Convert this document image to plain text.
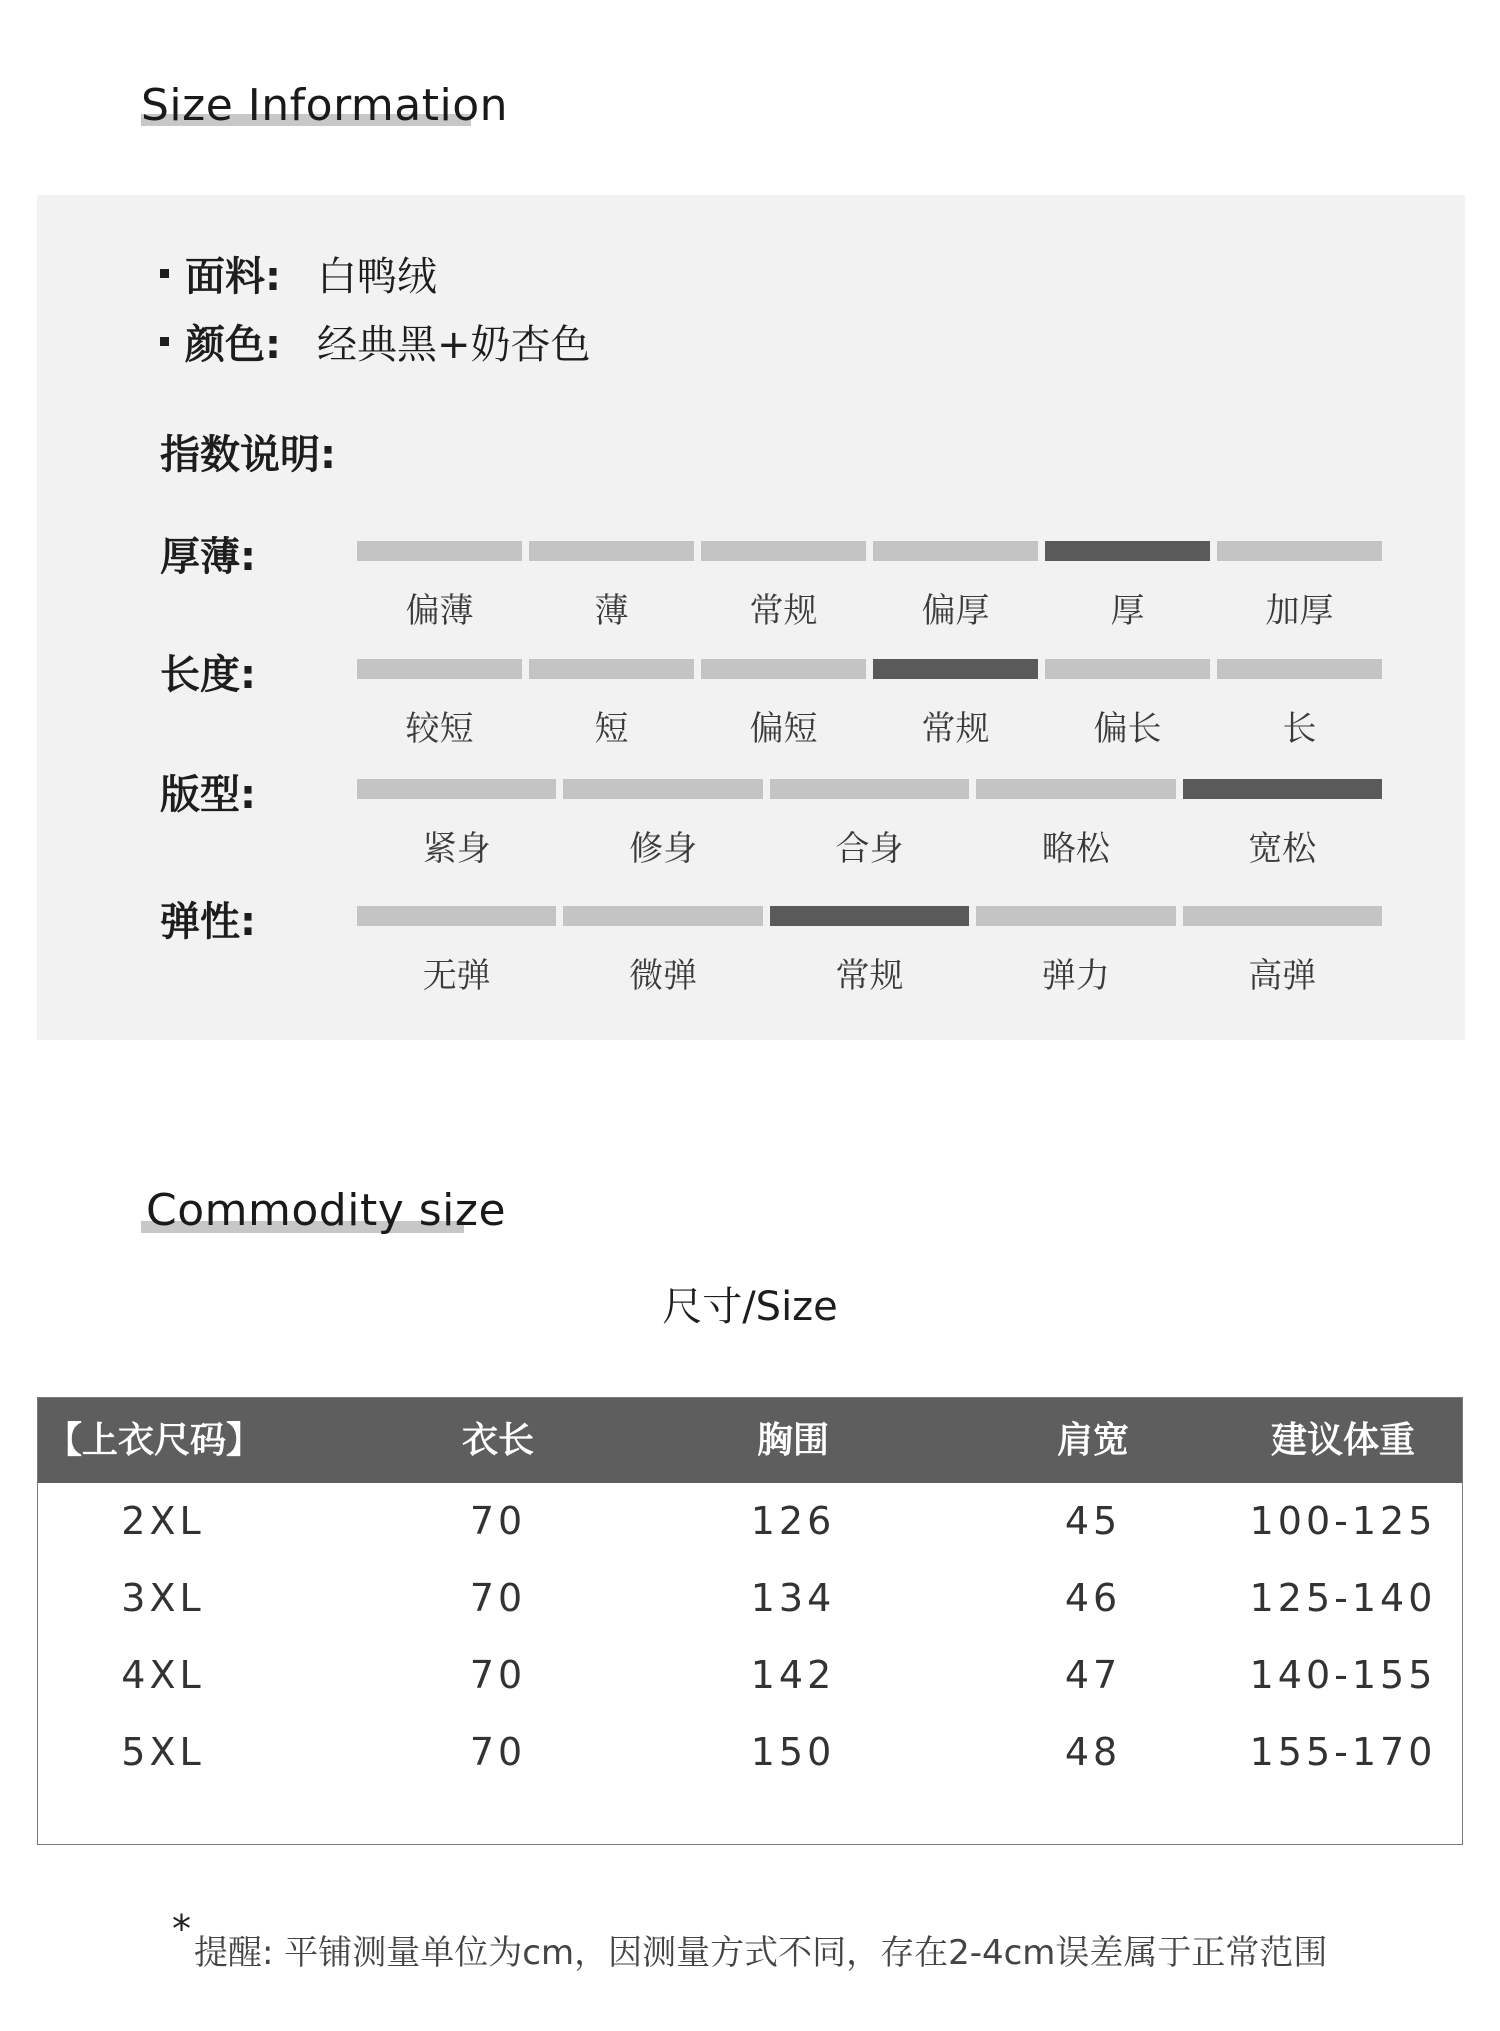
Size Information
面料: 白鸭绒
颜色: 经典黑+奶杏色
指数说明:
厚薄:
偏薄	薄	常规	偏厚	厚	加厚
长度:
较短	短	偏短	常规	偏长	长
版型:
紧身	修身	合身	略松	宽松
弹性:
无弹	微弹	常规	弹力	高弹
Commodity size
尺寸/Size
【上衣尺码】	衣长	胸围	肩宽	建议体重
2XL	70	126	45	100-125
3XL	70	134	46	125-140
4XL	70	142	47	140-155
5XL	70	150	48	155-170
*
提醒: 平铺测量单位为cm，因测量方式不同，存在2-4cm误差属于正常范围
